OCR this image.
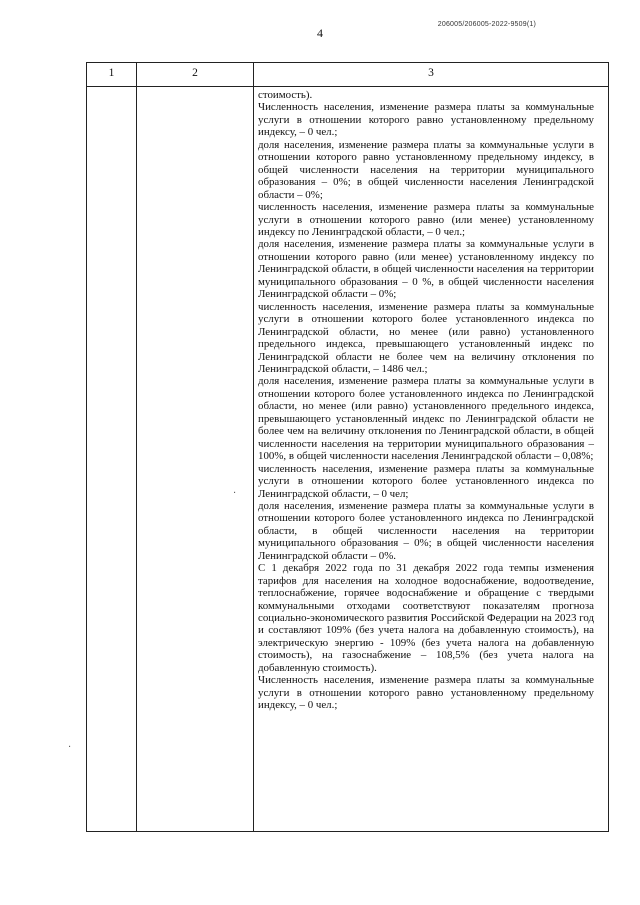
4
206005/206005-2022-9509(1)
1	2	3

стоимость).

Численность населения, изменение размера платы за коммунальные услуги в отношении которого равно установленному предельному индексу, – 0 чел.;

доля населения, изменение размера платы за коммунальные услуги в отношении которого равно установленному предельному индексу, в общей численности населения на территории муниципального образования – 0%; в общей численности населения Ленинградской области – 0%;

численность населения, изменение размера платы за коммунальные услуги в отношении которого равно (или менее) установленному индексу по Ленинградской области, – 0 чел.;

доля населения, изменение размера платы за коммунальные услуги в отношении которого равно (или менее) установленному индексу по Ленинградской области, в общей численности населения на территории муниципального образования – 0 %, в общей численности населения Ленинградской области – 0%;

численность населения, изменение размера платы за коммунальные услуги в отношении которого более установленного индекса по Ленинградской области, но менее (или равно) установленного предельного индекса, превышающего установленный индекс по Ленинградской области не более чем на величину отклонения по Ленинградской области, – 1486 чел.;

доля населения, изменение размера платы за коммунальные услуги в отношении которого более установленного индекса по Ленинградской области, но менее (или равно) установленного предельного индекса, превышающего установленный индекс по Ленинградской области не более чем на величину отклонения по Ленинградской области, в общей численности населения на территории муниципального образования – 100%, в общей численности населения Ленинградской области – 0,08%;

численность населения, изменение размера платы за коммунальные услуги в отношении которого более установленного индекса по Ленинградской области, – 0 чел;

доля населения, изменение размера платы за коммунальные услуги в отношении которого более установленного индекса по Ленинградской области, в общей численности населения на территории муниципального образования – 0%; в общей численности населения Ленинградской области – 0%.

С 1 декабря 2022 года по 31 декабря 2022 года темпы изменения тарифов для населения на холодное водоснабжение, водоотведение, теплоснабжение, горячее водоснабжение и обращение с твердыми коммунальными отходами соответствуют показателям прогноза социально-экономического развития Российской Федерации на 2023 год и составляют 109% (без учета налога на добавленную стоимость), на электрическую энергию - 109% (без учета налога на добавленную стоимость), на газоснабжение – 108,5% (без учета налога на добавленную стоимость).

Численность населения, изменение размера платы за коммунальные услуги в отношении которого равно установленному предельному индексу, – 0 чел.;

·
·
